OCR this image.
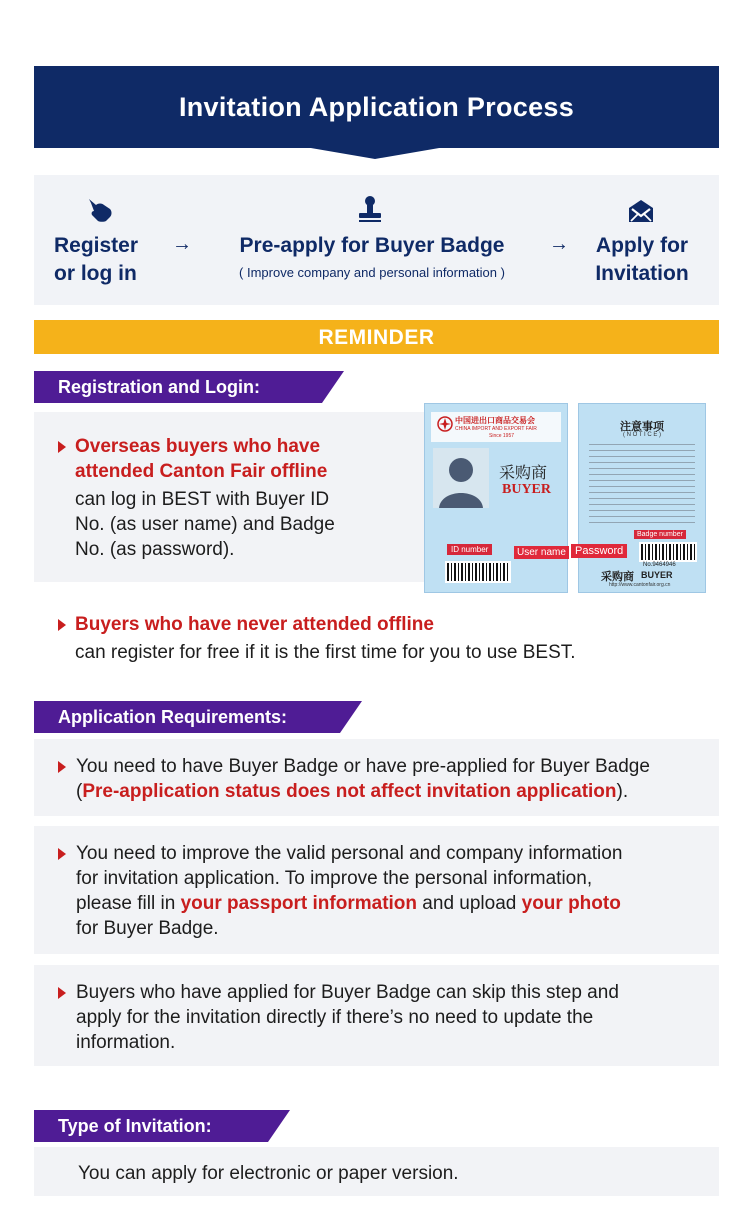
Invitation Application Process
Register
or log in
→	Pre-apply for Buyer Badge
( Improve company and personal information )
→	Apply for
Invitation
REMINDER
Registration and Login:
Overseas buyers who have
attended Canton Fair offline
can log in BEST with Buyer ID
No. (as user name) and Badge
No. (as password).
中国进出口商品交易会
CHINA IMPORT AND EXPORT FAIR
Since 1957
采购商
BUYER
ID number	User name
注意事项
( N O T I C E )
Badge number
No.9464946
采购商 BUYER
http://www.cantonfair.org.cn
Password
Buyers who have never attended offline
can register for free if it is the first time for you to use BEST.
Application Requirements:
You need to have Buyer Badge or have pre-applied for Buyer Badge
(Pre-application status does not affect invitation application).
You need to improve the valid personal and company information
for invitation application. To improve the personal information,
please fill in your passport information and upload your photo
for Buyer Badge.
Buyers who have applied for Buyer Badge can skip this step and
apply for the invitation directly if there’s no need to update the
information.
Type of Invitation:
You can apply for electronic or paper version.
